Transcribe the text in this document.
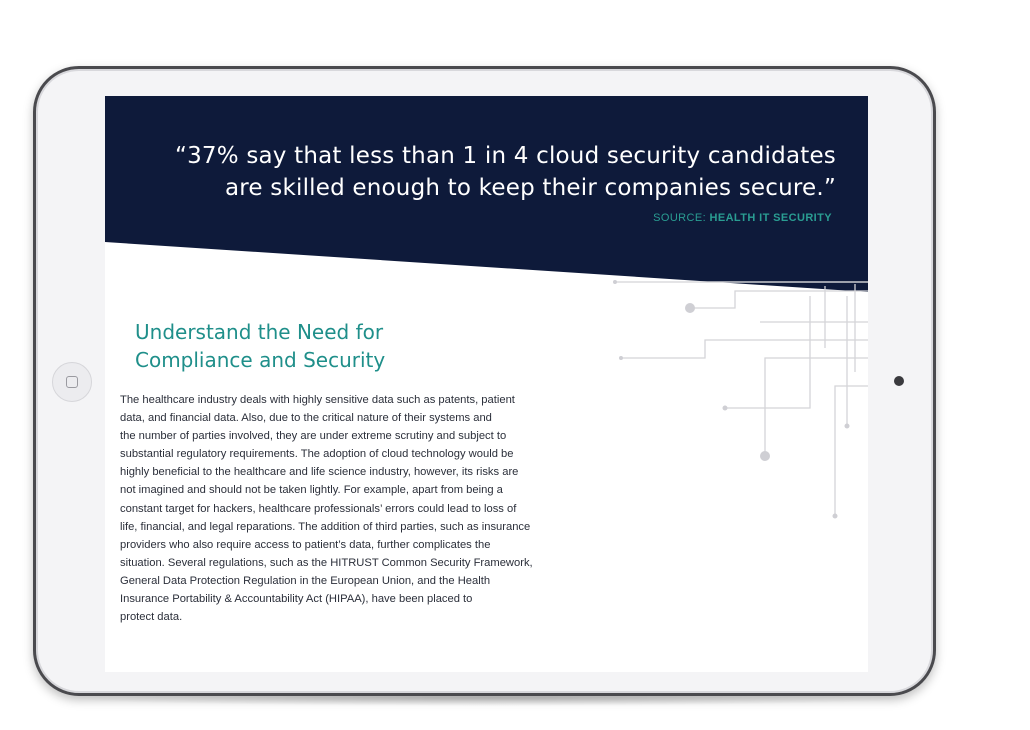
“37% say that less than 1 in 4 cloud security candidates
are skilled enough to keep their companies secure.”
SOURCE: HEALTH IT SECURITY
Understand the Need for
Compliance and Security
The healthcare industry deals with highly sensitive data such as patents, patient
data, and financial data. Also, due to the critical nature of their systems and
the number of parties involved, they are under extreme scrutiny and subject to
substantial regulatory requirements. The adoption of cloud technology would be
highly beneficial to the healthcare and life science industry, however, its risks are
not imagined and should not be taken lightly. For example, apart from being a
constant target for hackers, healthcare professionals’ errors could lead to loss of
life, financial, and legal reparations. The addition of third parties, such as insurance
providers who also require access to patient’s data, further complicates the
situation. Several regulations, such as the HITRUST Common Security Framework,
General Data Protection Regulation in the European Union, and the Health
Insurance Portability & Accountability Act (HIPAA), have been placed to
protect data.
